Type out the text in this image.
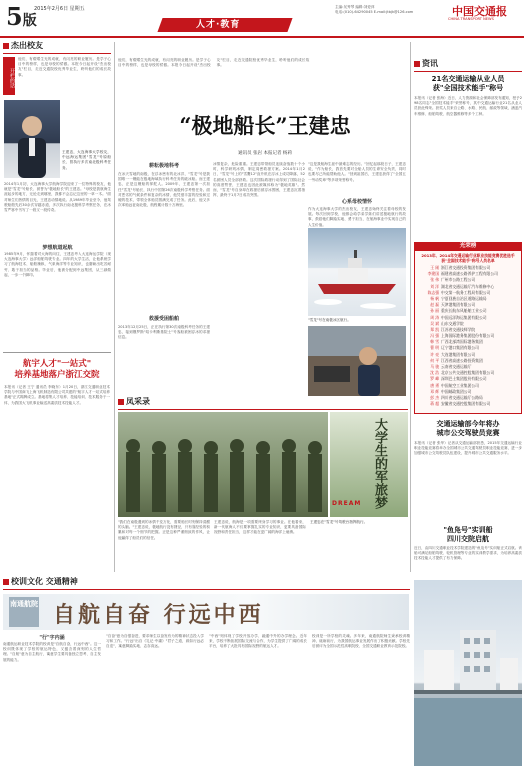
5版
2015年2月6日 星期五
人才·教育
主编:吴秀琴 编辑:刘爱萍
电话:(010)-64290045 E-mail:jtbjk@126.com	中国交通报
CHINA TRANSPORT NEWS
杰出校友
开栏的话
他们，有熠熠生光的成就，有闪亮的职业履历。是学子心目中的榜样，也是母校的骄傲。本报今日起开设"杰出校友"栏目，走近交通院校优秀毕业生，聆听他们的成长故事。
王建忠，大连海事大学校友，中远海运集团"雪龙"号原船长、曾执行多次南北极科考任务。
2014年1月初，大连海事大学航海学院迎来了一位特殊的校友，他就是"雪龙"号船长、被誉为"极地船长"的王建忠。"母校是我航海生涯起步的地方，无论走到哪里，我都不会忘记这里的一草一木。"面对师生们热情的目光，王建忠动情地说。从1989年毕业至今，他驾驶船舶先后30余次穿越赤道，多次执行南北极科学考察任务，在冰雪严寒中书写了一段又一段传奇。
梦想航道起航
1985年9月，怀揣着对大海的向往，王建忠考入大连海运学院（现大连海事大学）远洋船舶驾驶专业。四年的大学生活，让他系统学习了航海技术、船舶操纵、气象海洋等专业知识，也磨砺出吃苦耐劳、敢于担当的品格。毕业后，他被分配到中远集团，从三副做起，一步一个脚印。
航宇人才"一站式"
培养基地落户浙江交院
本报讯（记者 王宁 通讯员 李晓东）1月20日，浙江交通职业技术学院与中国商飞上海飞机制造有限公司共建的"航宇人才一站式培养基地"正式揭牌成立。基地将集人才培养、技能培训、技术服务于一体，为我国大飞机事业输送高素质技术技能人才。
他们，有熠熠生光的成就，有闪亮的职业履历。是学子心目中的榜样，也是母校的骄傲。本报今日起开设"杰出校友"栏目，走近交通院校优秀毕业生，聆听他们的成长故事。
“极地船长”王建忠
通讯员 张岩 本报记者 杨莉
耕耘极地科考
在冰天雪地的南极，在浮冰密布的北冰洋，"雪龙"号是我国唯一一艘能在极地海域执行科考任务的破冰船。而王建忠，正是这艘船的掌舵人。2009年，王建忠第一次担任"雪龙"号船长，执行中国第26次南极科学考察任务。面对恶劣的气候条件和复杂的冰情，他凭借丰富的经验和过硬的技术，带领全体船员圆满完成了任务。此后，他又多次率船远征南北极，航程累计数十万海里。
救援受困船舶
2013年12月25日，正在执行第30次南极科考任务的王建忠，接到俄罗斯"绍卡利斯基院士"号客船被困浮冰的求援信息。
冰情复杂，危险重重。王建忠带领船员连续奋战数十个小时，科学研判冰情，制定周密救援方案。2014年1月2日，"雪龙"号上的"雪鹰12"直升机在浮冰上成功降落，52名被困人员全部获救。这次国际救援行动得到了国际社会的高度赞誉，王建忠也因此被媒体称为"极地英雄"。然而，"雪龙"号自身却在救援后被浮冰围困，王建忠沉着指挥，最终于1月7日成功突围。
"这是我航海生涯中最难忘的经历。"回忆起那段日子，王建忠说，"作为船长，我首先要对全船人员的生命安全负责，同时也要尽己所能帮助他人。"回到祖国后，王建忠获得了"全国五一劳动奖章"等多项荣誉称号。
心系母校情怀
作为大连海事大学的杰出校友，王建忠始终关注着母校的发展。每次回到学校，他都会给学弟学妹们讲述极地航行的故事，鼓励他们脚踏实地、勇于担当，在航海事业中实现自己的人生价值。
"雪龙"号在南极冰区航行。
凤采录
大学生的军旅梦
DREAM
"我们在南极遇到的冰情千变万化，需要船长时刻保持清醒的头脑。"王建忠说，极地航行没有捷径，只有靠经验的积累和对每一个细节的把握。正是这种严谨细致的作风，让他赢得了船员们的信任。
王建忠说，航海是一项需要终身学习的事业。在他看来，新一代航海人不仅要掌握扎实的专业知识，更要具备国际视野和责任担当，这样才能在更广阔的海洋上驰骋。
王建忠在"雪龙"号驾驶台指挥航行。
资讯
21名交通运输从业人员
获"全国技术能手"称号
本报讯（记者 张海）近日，人力资源和社会保障部发布通知，授予298名同志"全国技术能手"荣誉称号，其中交通运输行业21名从业人员获此殊荣。获奖人员来自公路、水路、民航、邮政等领域，涵盖汽车维修、船舶驾驶、航空器维修等多个工种。
光荣榜
2013年、2014年交通运输行业职业技能竞赛优胜选手获"全国技术能手"称号人员名单
王 刚 浙江省交通投资集团有限公司
李建国 福建省高速公路养护工程有限公司
张 伟 广州市公路工程公司
刘 洋 湖北省交通运输厅汽车维修中心
陈志强 中交第一航务工程局有限公司
杨 帆 宁夏回族自治区道路运输局
赵 磊 天津港集团有限公司
孙 丽 重庆长航东风船舶工业公司
周 涛 中国远洋海运集团有限公司
吴 斌 山东交通学院
郑 凯 江苏省交通技师学院
冯 强 上海国际港务集团股份有限公司
韩 雪 广西北部湾国际港务集团
曹 明 辽宁港口集团有限公司
许 亮 大连港集团有限公司
何 平 江西省高速公路投资集团
马 骏 云南省交通运输厅
沈 浩 北京公共交通控股集团有限公司
罗 峰 深圳巴士集团股份有限公司
唐 勇 中国航空工业集团公司
邓 辉 中国邮政集团公司
彭 杰 四川省交通运输厅公路局
蒋 超 安徽省交通控股集团有限公司
交通运输部今年将办
城市公交驾驶员竞赛
本报讯（记者 张华）记者从交通运输部获悉，2015年交通运输行业职业技能竞赛将举办全国城市公共交通驾驶员职业技能竞赛，进一步加强城市公交驾驶员队伍建设，提升城市公共交通服务水平。
"鱼凫号"实训船
四川交院启航
近日，由四川交通职业技术学院建造的"鱼凫号"实训船正式启航。该船可满足船舶驾驶、轮机管理等专业的实训教学需求，为培养高素质技术技能人才提供了有力保障。
校训文化 交通精神
南通航院 自航自奋 行远中西
"行"字内涵
南通航运职业技术学院的校训是"自航自奋，行远中西"。这一校训既体现了学校的航运特色，又蕴含着深刻的人生哲理。"自航"意为自主航行，寓意学生要具备独立思考、自主发展的能力。
"自奋"意为自强奋进，要求师生以奋发有为的精神状态投入学习和工作。"行远"出自《礼记·中庸》"君子之道，辟如行远必自迩"，寓意脚踏实地、志存高远。
"中西"则体现了学校开放办学、融通中外的办学理念。近年来，学校不断拓展国际交流与合作，为学生提供了广阔的成长平台，培养了大批具有国际视野的航运人才。
校训是一所学校的灵魂。多年来，南通航院师生秉承校训精神，砥砺前行，为我国航运事业发展作出了积极贡献。学校先后被评为全国示范性高职院校、全国交通职业教育示范院校。
